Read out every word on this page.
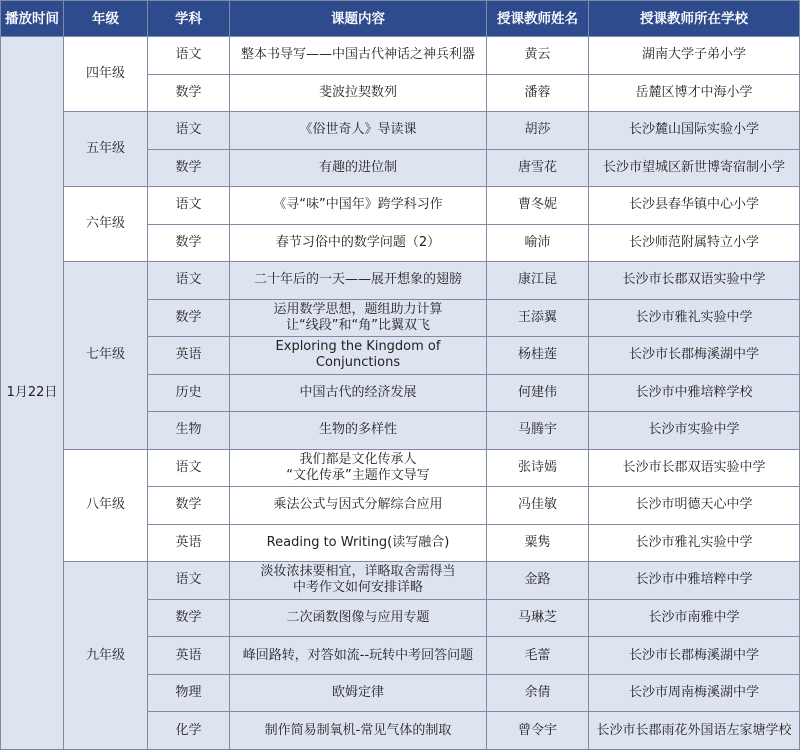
播放时间	年级	学科	课题内容	授课教师姓名	授课教师所在学校
1月22日	四年级	语文	整本书导写——中国古代神话之神兵利器	黄云	湖南大学子弟小学
		数学	斐波拉契数列	潘蓉	岳麓区博才中海小学
	五年级	语文	《俗世奇人》导读课	胡莎	长沙麓山国际实验小学
		数学	有趣的进位制	唐雪花	长沙市望城区新世博寄宿制小学
	六年级	语文	《寻“味”中国年》跨学科习作	曹冬妮	长沙县春华镇中心小学
		数学	春节习俗中的数学问题（2）	喻沛	长沙师范附属特立小学
	七年级	语文	二十年后的一天——展开想象的翅膀	康江昆	长沙市长郡双语实验中学
		数学	运用数学思想，题组助力计算
让“线段”和“角”比翼双飞	王添翼	长沙市雅礼实验中学
		英语	Exploring the Kingdom of Conjunctions	杨桂莲	长沙市长郡梅溪湖中学
		历史	中国古代的经济发展	何建伟	长沙市中雅培粹学校
		生物	生物的多样性	马腾宇	长沙市实验中学
	八年级	语文	我们都是文化传承人
“文化传承”主题作文导写	张诗嫣	长沙市长郡双语实验中学
		数学	乘法公式与因式分解综合应用	冯佳敏	长沙市明德天心中学
		英语	Reading to Writing(读写融合)	粟隽	长沙市雅礼实验中学
	九年级	语文	淡妆浓抹要相宜，详略取舍需得当
中考作文如何安排详略	金路	长沙市中雅培粹中学
		数学	二次函数图像与应用专题	马琳芝	长沙市南雅中学
		英语	峰回路转，对答如流--玩转中考回答问题	毛蕾	长沙市长郡梅溪湖中学
		物理	欧姆定律	余倩	长沙市周南梅溪湖中学
		化学	制作简易制氧机-常见气体的制取	曾令宇	长沙市长郡雨花外国语左家塘学校
